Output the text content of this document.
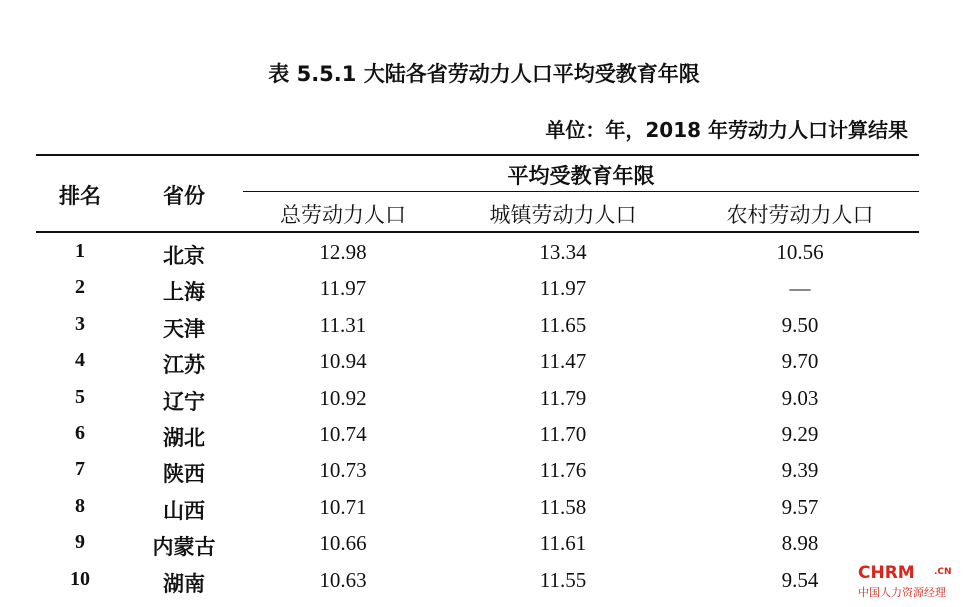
表 5.5.1 大陆各省劳动力人口平均受教育年限
单位：年，2018 年劳动力人口计算结果
排名	省份
平均受教育年限
总劳动力人口	城镇劳动力人口	农村劳动力人口
1	北京	12.98	13.34	10.56
2	上海	11.97	11.97	—
3	天津	11.31	11.65	9.50
4	江苏	10.94	11.47	9.70
5	辽宁	10.92	11.79	9.03
6	湖北	10.74	11.70	9.29
7	陕西	10.73	11.76	9.39
8	山西	10.71	11.58	9.57
9	内蒙古	10.66	11.61	8.98
10	湖南	10.63	11.55	9.54	CHRM .CN
中国人力资源经理
